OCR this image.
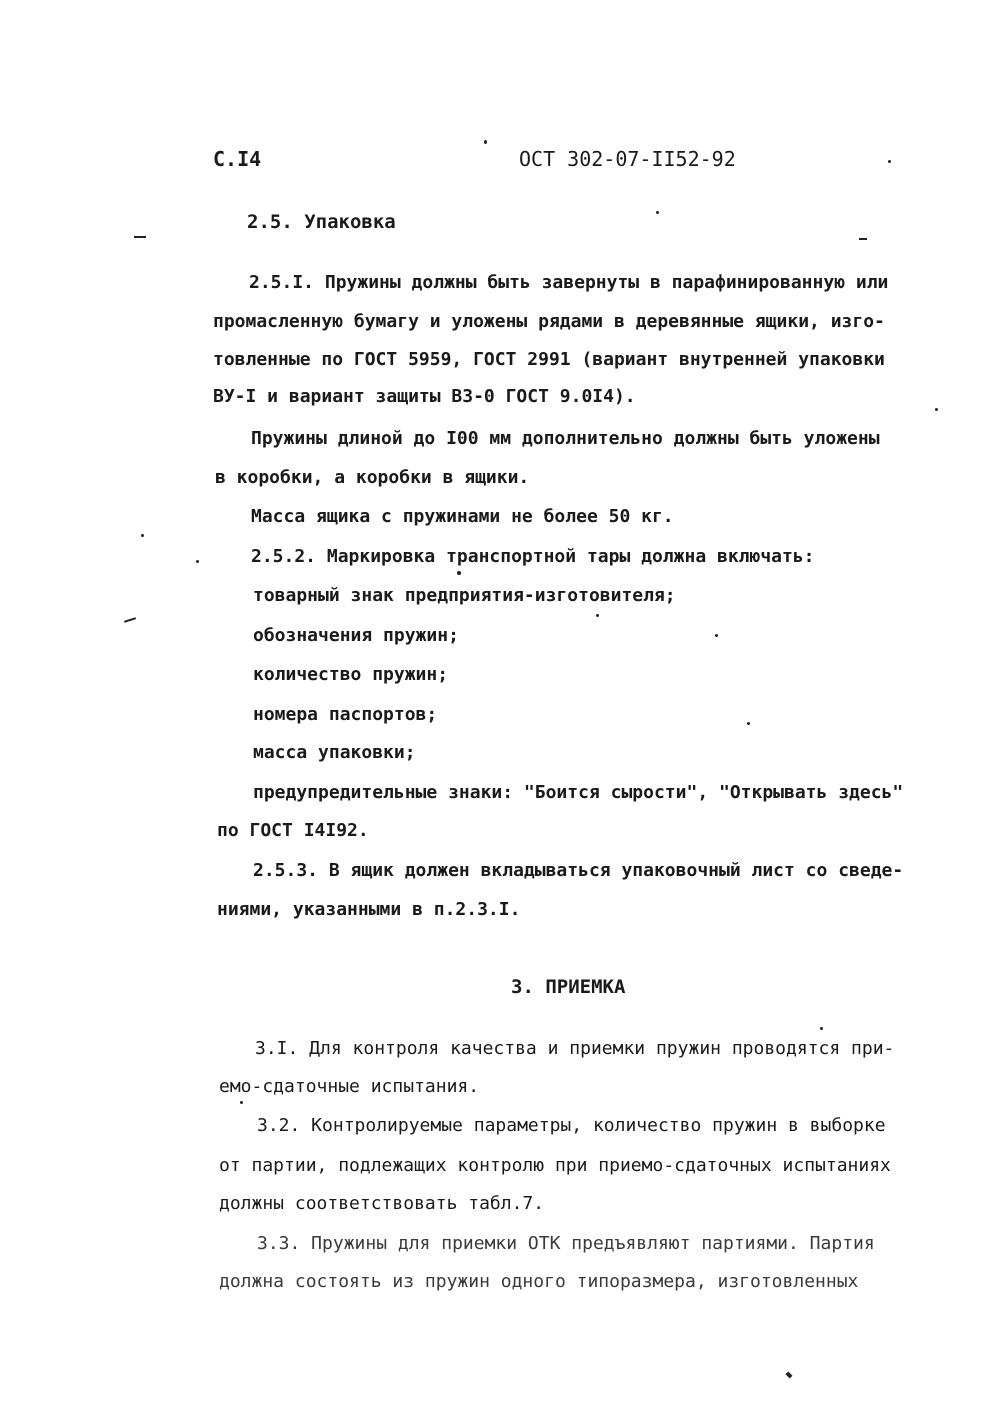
С.I4	ОСТ 302-07-II52-92
2.5. Упаковка
2.5.I. Пружины должны быть завернуты в парафинированную или
промасленную бумагу и уложены рядами в деревянные ящики, изго-
товленные по ГОСТ 5959, ГОСТ 2991 (вариант внутренней упаковки
ВУ-I и вариант защиты ВЗ-0 ГОСТ 9.0I4).
Пружины длиной до I00 мм дополнительно должны быть уложены
в коробки, а коробки в ящики.
Масса ящика с пружинами не более 50 кг.
2.5.2. Маркировка транспортной тары должна включать:
товарный знак предприятия-изготовителя;
обозначения пружин;
количество пружин;
номера паспортов;
масса упаковки;
предупредительные знаки: "Боится сырости", "Открывать здесь"
по ГОСТ I4I92.
2.5.3. В ящик должен вкладываться упаковочный лист со сведе-
ниями, указанными в п.2.3.I.
3. ПРИЕМКА
3.I. Для контроля качества и приемки пружин проводятся при-
емо-сдаточные испытания.
3.2. Контролируемые параметры, количество пружин в выборке
от партии, подлежащих контролю при приемо-сдаточных испытаниях
должны соответствовать табл.7.
3.3. Пружины для приемки ОТК предъявляют партиями. Партия
должна состоять из пружин одного типоразмера, изготовленных
